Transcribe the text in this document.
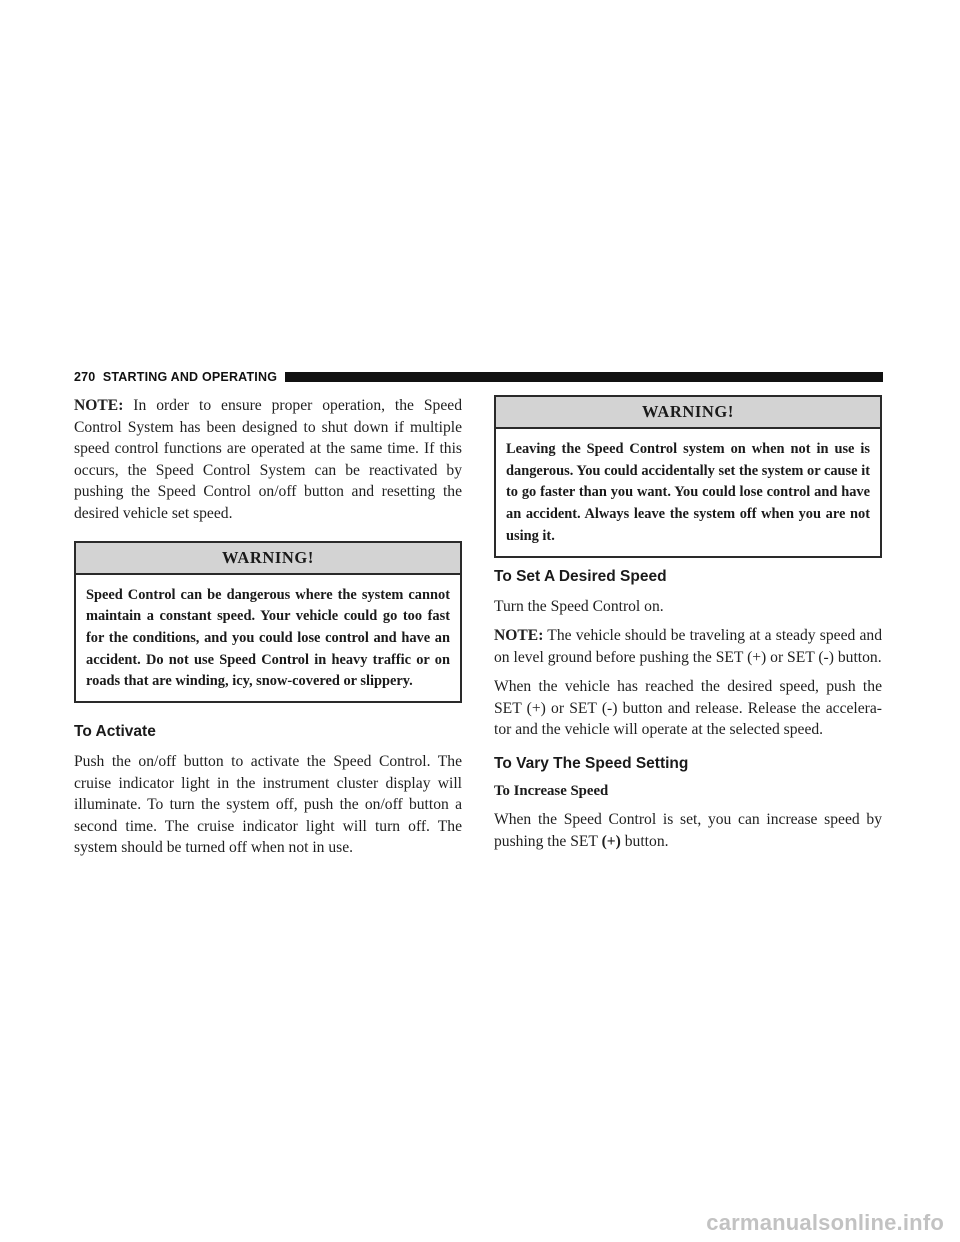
270 STARTING AND OPERATING

NOTE: In order to ensure proper operation, the Speed Control System has been designed to shut down if multiple speed control functions are operated at the same time. If this occurs, the Speed Control System can be reactivated by pushing the Speed Control on/off button and resetting the desired vehicle set speed.

WARNING!
Speed Control can be dangerous where the system cannot maintain a constant speed. Your vehicle could go too fast for the conditions, and you could lose control and have an accident. Do not use Speed Control in heavy traffic or on roads that are winding, icy, snow-covered or slippery.
To Activate

Push the on/off button to activate the Speed Control. The cruise indicator light in the instrument cluster display will illuminate. To turn the system off, push the on/off button a second time. The cruise indicator light will turn off. The system should be turned off when not in use.

WARNING!
Leaving the Speed Control system on when not in use is dangerous. You could accidentally set the system or cause it to go faster than you want. You could lose control and have an accident. Always leave the system off when you are not using it.
To Set A Desired Speed

Turn the Speed Control on.

NOTE: The vehicle should be traveling at a steady speed and on level ground before pushing the SET (+) or SET (-) button.

When the vehicle has reached the desired speed, push the SET (+) or SET (-) button and release. Release the accelera-tor and the vehicle will operate at the selected speed.

To Vary The Speed Setting
To Increase Speed

When the Speed Control is set, you can increase speed by pushing the SET (+) button.

carmanualsonline.info
